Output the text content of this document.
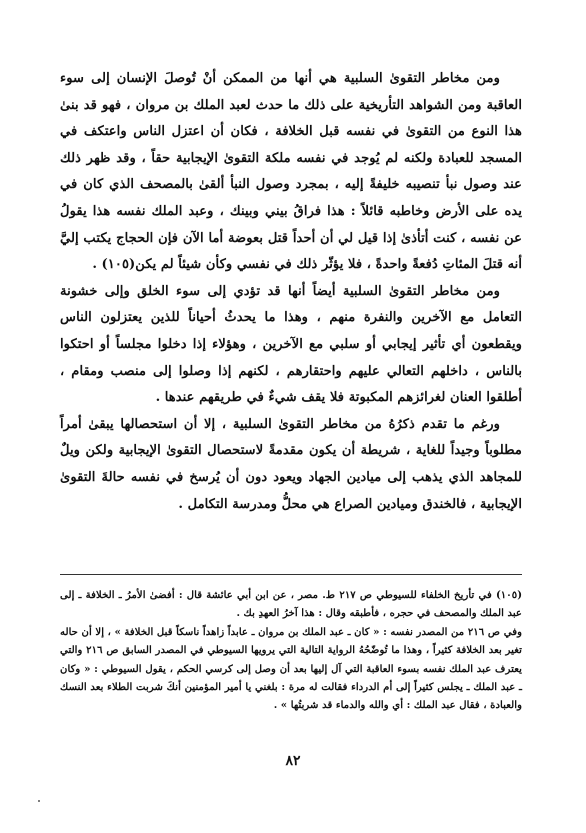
ومن مخاطر التقوىٰ السلبية هي أنها من الممكن أنْ تُوصلَ الإنسان إلى سوء العاقبة ومن الشواهد التأريخية على ذلك ما حدث لعبد الملك بن مروان ، فهو قد بنىٰ هذا النوع من التقوىٰ في نفسه قبل الخلافة ، فكان أن اعتزل الناس واعتكف في المسجد للعبادة ولكنه لم يُوجد في نفسه ملكة التقوىٰ الإيجابية حقاً ، وقد ظهر ذلك عند وصول نبأ تنصيبه خليفةً إليه ، بمجرد وصول النبأ ألقىٰ بالمصحف الذي كان في يده على الأرض وخاطبه قائلاً : هذا فراقُ بيني وبينك ، وعبد الملك نفسه هذا يقولُ عن نفسه ، كنت أتأذىٰ إذا قيل لي أن أحداً قتل بعوضة أما الآن فإن الحجاج يكتب إليَّ أنه قتلَ المئاتِ دُفعةً واحدةً ، فلا يؤثّر ذلك في نفسي وكأن شيئاً لم يكن(١٠٥) .

ومن مخاطر التقوىٰ السلبية أيضاً أنها قد تؤدي إلى سوء الخلق وإلى خشونة التعامل مع الآخرين والنفرة منهم ، وهذا ما يحدثُ أحياناً للذين يعتزلون الناس ويقطعون أي تأثير إيجابي أو سلبي مع الآخرين ، وهؤلاء إذا دخلوا مجلساً أو احتكوا بالناس ، داخلهم التعالي عليهم واحتقارهم ، لكنهم إذا وصلوا إلى منصب ومقام ، أطلقوا العنان لغرائزهم المكبوتة فلا يقف شيءٌ في طريقهم عندها .

ورغم ما تقدم ذكرُهُ من مخاطر التقوىٰ السلبية ، إلا أن استحصالها يبقىٰ أمراً مطلوباً وجيداً للغاية ، شريطة أن يكون مقدمةً لاستحصال التقوىٰ الإيجابية ولكن ويلٌ للمجاهد الذي يذهب إلى ميادين الجهاد ويعود دون أن يُرسخ في نفسه حالةَ التقوىٰ الإيجابية ، فالخندق وميادين الصراع هي محلُّ ومدرسة التكامل .

(١٠٥) في تأريخ الخلفاء للسيوطي ص ٢١٧ ط. مصر ، عن ابن أبي عائشة قال : أفضىٰ الأمرُ ـ الخلافة ـ إلى عبد الملك والمصحف في حجره ، فأطبقه وقال : هذا آخرُ العهدِ بك .

وفي ص ٢١٦ من المصدر نفسه : « كان ـ عبد الملك بن مروان ـ عابداً زاهداً ناسكاً قبل الخلافة » ، إلا أن حاله تغير بعد الخلافة كثيراً ، وهذا ما تُوضّحُهُ الرواية التالية التي يرويها السيوطي في المصدر السابق ص ٢١٦ والتي يعترف عبد الملك نفسه بسوء العاقبة التي آل إليها بعد أن وصل إلى كرسي الحكم ، يقول السيوطي : « وكان ـ عبد الملك ـ يجلس كثيراً إلى أم الدرداء فقالت له مرة : بلغني يا أمير المؤمنين أنكَ شربت الطلاء بعد النسك والعبادة ، فقال عبد الملك : أي والله والدماء قد شربتُها » .

٨٢
